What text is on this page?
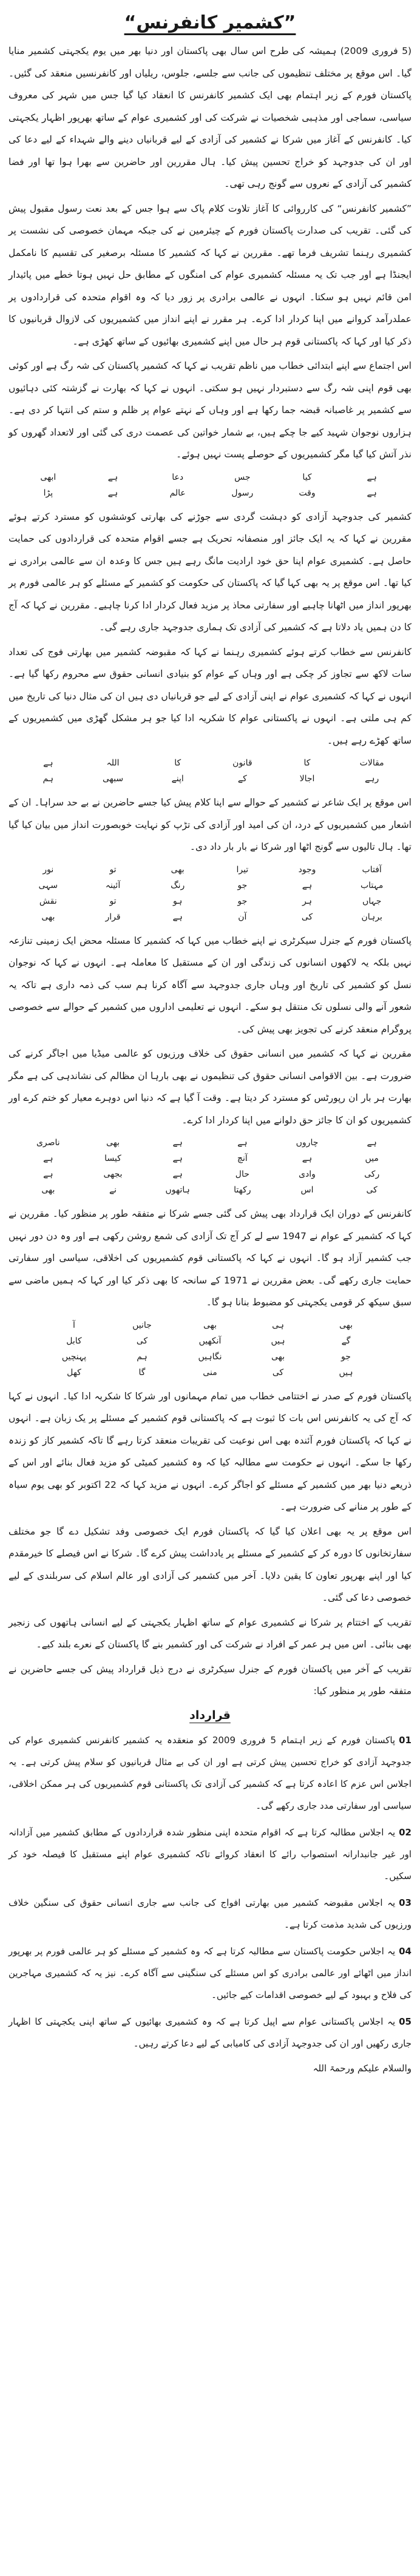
”کشمیر کانفرنس“

(5 فروری 2009) ہمیشہ کی طرح اس سال بھی پاکستان اور دنیا بھر میں یوم یکجہتی کشمیر منایا گیا۔ اس موقع پر مختلف تنظیموں کی جانب سے جلسے، جلوس، ریلیاں اور کانفرنسیں منعقد کی گئیں۔ پاکستان فورم کے زیر اہتمام بھی ایک کشمیر کانفرنس کا انعقاد کیا گیا جس میں شہر کی معروف سیاسی، سماجی اور مذہبی شخصیات نے شرکت کی اور کشمیری عوام کے ساتھ بھرپور اظہار یکجہتی کیا۔ کانفرنس کے آغاز میں شرکا نے کشمیر کی آزادی کے لیے قربانیاں دینے والے شہداء کے لیے دعا کی اور ان کی جدوجہد کو خراج تحسین پیش کیا۔ ہال مقررین اور حاضرین سے بھرا ہوا تھا اور فضا کشمیر کی آزادی کے نعروں سے گونج رہی تھی۔

”کشمیر کانفرنس“ کی کارروائی کا آغاز تلاوت کلام پاک سے ہوا جس کے بعد نعت رسول مقبول پیش کی گئی۔ تقریب کی صدارت پاکستان فورم کے چیئرمین نے کی جبکہ مہمان خصوصی کی نشست پر کشمیری رہنما تشریف فرما تھے۔ مقررین نے کہا کہ کشمیر کا مسئلہ برصغیر کی تقسیم کا نامکمل ایجنڈا ہے اور جب تک یہ مسئلہ کشمیری عوام کی امنگوں کے مطابق حل نہیں ہوتا خطے میں پائیدار امن قائم نہیں ہو سکتا۔ انہوں نے عالمی برادری پر زور دیا کہ وہ اقوام متحدہ کی قراردادوں پر عملدرآمد کروانے میں اپنا کردار ادا کرے۔ ہر مقرر نے اپنے انداز میں کشمیریوں کی لازوال قربانیوں کا ذکر کیا اور کہا کہ پاکستانی قوم ہر حال میں اپنے کشمیری بھائیوں کے ساتھ کھڑی ہے۔

اس اجتماع سے اپنے ابتدائی خطاب میں ناظم تقریب نے کہا کہ کشمیر پاکستان کی شہ رگ ہے اور کوئی بھی قوم اپنی شہ رگ سے دستبردار نہیں ہو سکتی۔ انہوں نے کہا کہ بھارت نے گزشتہ کئی دہائیوں سے کشمیر پر غاصبانہ قبضہ جما رکھا ہے اور وہاں کے نہتے عوام پر ظلم و ستم کی انتہا کر دی ہے۔ ہزاروں نوجوان شہید کیے جا چکے ہیں، بے شمار خواتین کی عصمت دری کی گئی اور لاتعداد گھروں کو نذر آتش کیا گیا مگر کشمیریوں کے حوصلے پست نہیں ہوئے۔

ہے
کیا
جس
دعا
ہے
ابھی
ہے
وقت
رسول
عالم
ہے
پڑا

کشمیر کی جدوجہد آزادی کو دہشت گردی سے جوڑنے کی بھارتی کوششوں کو مسترد کرتے ہوئے مقررین نے کہا کہ یہ ایک جائز اور منصفانہ تحریک ہے جسے اقوام متحدہ کی قراردادوں کی حمایت حاصل ہے۔ کشمیری عوام اپنا حق خود ارادیت مانگ رہے ہیں جس کا وعدہ ان سے عالمی برادری نے کیا تھا۔ اس موقع پر یہ بھی کہا گیا کہ پاکستان کی حکومت کو کشمیر کے مسئلے کو ہر عالمی فورم پر بھرپور انداز میں اٹھانا چاہیے اور سفارتی محاذ پر مزید فعال کردار ادا کرنا چاہیے۔ مقررین نے کہا کہ آج کا دن ہمیں یاد دلاتا ہے کہ کشمیر کی آزادی تک ہماری جدوجہد جاری رہے گی۔

کانفرنس سے خطاب کرتے ہوئے کشمیری رہنما نے کہا کہ مقبوضہ کشمیر میں بھارتی فوج کی تعداد سات لاکھ سے تجاوز کر چکی ہے اور وہاں کے عوام کو بنیادی انسانی حقوق سے محروم رکھا گیا ہے۔ انہوں نے کہا کہ کشمیری عوام نے اپنی آزادی کے لیے جو قربانیاں دی ہیں ان کی مثال دنیا کی تاریخ میں کم ہی ملتی ہے۔ انہوں نے پاکستانی عوام کا شکریہ ادا کیا جو ہر مشکل گھڑی میں کشمیریوں کے ساتھ کھڑے رہے ہیں۔

مقالات
کا
قانون
کا
اللہ
ہے
رہے
اجالا
کے
اپنے
سبھی
ہم

اس موقع پر ایک شاعر نے کشمیر کے حوالے سے اپنا کلام پیش کیا جسے حاضرین نے بے حد سراہا۔ ان کے اشعار میں کشمیریوں کے درد، ان کی امید اور آزادی کی تڑپ کو نہایت خوبصورت انداز میں بیان کیا گیا تھا۔ ہال تالیوں سے گونج اٹھا اور شرکا نے بار بار داد دی۔

آفتاب
وجود
تیرا
بھی
تو
نور
مہتاب
ہے
جو
رنگ
آئینہ
سہی
جہاں
ہر
جو
ہو
تو
نقش
برہان
کی
آن
ہے
قرار
بھی

پاکستان فورم کے جنرل سیکرٹری نے اپنے خطاب میں کہا کہ کشمیر کا مسئلہ محض ایک زمینی تنازعہ نہیں بلکہ یہ لاکھوں انسانوں کی زندگی اور ان کے مستقبل کا معاملہ ہے۔ انہوں نے کہا کہ نوجوان نسل کو کشمیر کی تاریخ اور وہاں جاری جدوجہد سے آگاہ کرنا ہم سب کی ذمہ داری ہے تاکہ یہ شعور آنے والی نسلوں تک منتقل ہو سکے۔ انہوں نے تعلیمی اداروں میں کشمیر کے حوالے سے خصوصی پروگرام منعقد کرنے کی تجویز بھی پیش کی۔

مقررین نے کہا کہ کشمیر میں انسانی حقوق کی خلاف ورزیوں کو عالمی میڈیا میں اجاگر کرنے کی ضرورت ہے۔ بین الاقوامی انسانی حقوق کی تنظیموں نے بھی بارہا ان مظالم کی نشاندہی کی ہے مگر بھارت ہر بار ان رپورٹس کو مسترد کر دیتا ہے۔ وقت آ گیا ہے کہ دنیا اس دوہرے معیار کو ختم کرے اور کشمیریوں کو ان کا جائز حق دلوانے میں اپنا کردار ادا کرے۔

ہے
چاروں
ہے
ہے
بھی
ناصری
میں
ہے
آنچ
ہے
کیسا
ہے
رکی
وادی
حال
ہے
بجھی
ہے
کی
اس
رکھتا
ہاتھوں
نے
بھی

کانفرنس کے دوران ایک قرارداد بھی پیش کی گئی جسے شرکا نے متفقہ طور پر منظور کیا۔ مقررین نے کہا کہ کشمیر کے عوام نے 1947 سے لے کر آج تک آزادی کی شمع روشن رکھی ہے اور وہ دن دور نہیں جب کشمیر آزاد ہو گا۔ انہوں نے کہا کہ پاکستانی قوم کشمیریوں کی اخلاقی، سیاسی اور سفارتی حمایت جاری رکھے گی۔ بعض مقررین نے 1971 کے سانحہ کا بھی ذکر کیا اور کہا کہ ہمیں ماضی سے سبق سیکھ کر قومی یکجہتی کو مضبوط بنانا ہو گا۔

بھی
ہی
بھی
جانیں
آ
گے
ہیں
آنکھیں
کی
کابل
جو
بھی
نگاہیں
ہم
پہنچیں
ہیں
کی
منی
گا
کھل

پاکستان فورم کے صدر نے اختتامی خطاب میں تمام مہمانوں اور شرکا کا شکریہ ادا کیا۔ انہوں نے کہا کہ آج کی یہ کانفرنس اس بات کا ثبوت ہے کہ پاکستانی قوم کشمیر کے مسئلے پر یک زبان ہے۔ انہوں نے کہا کہ پاکستان فورم آئندہ بھی اس نوعیت کی تقریبات منعقد کرتا رہے گا تاکہ کشمیر کاز کو زندہ رکھا جا سکے۔ انہوں نے حکومت سے مطالبہ کیا کہ وہ کشمیر کمیٹی کو مزید فعال بنائے اور اس کے ذریعے دنیا بھر میں کشمیر کے مسئلے کو اجاگر کرے۔ انہوں نے مزید کہا کہ 22 اکتوبر کو بھی یوم سیاہ کے طور پر منانے کی ضرورت ہے۔

اس موقع پر یہ بھی اعلان کیا گیا کہ پاکستان فورم ایک خصوصی وفد تشکیل دے گا جو مختلف سفارتخانوں کا دورہ کر کے کشمیر کے مسئلے پر یادداشت پیش کرے گا۔ شرکا نے اس فیصلے کا خیرمقدم کیا اور اپنے بھرپور تعاون کا یقین دلایا۔ آخر میں کشمیر کی آزادی اور عالم اسلام کی سربلندی کے لیے خصوصی دعا کی گئی۔

تقریب کے اختتام پر شرکا نے کشمیری عوام کے ساتھ اظہار یکجہتی کے لیے انسانی ہاتھوں کی زنجیر بھی بنائی۔ اس میں ہر عمر کے افراد نے شرکت کی اور کشمیر بنے گا پاکستان کے نعرے بلند کیے۔

تقریب کے آخر میں پاکستان فورم کے جنرل سیکرٹری نے درج ذیل قرارداد پیش کی جسے حاضرین نے متفقہ طور پر منظور کیا:

قرارداد

01پاکستان فورم کے زیر اہتمام 5 فروری 2009 کو منعقدہ یہ کشمیر کانفرنس کشمیری عوام کی جدوجہد آزادی کو خراج تحسین پیش کرتی ہے اور ان کی بے مثال قربانیوں کو سلام پیش کرتی ہے۔ یہ اجلاس اس عزم کا اعادہ کرتا ہے کہ کشمیر کی آزادی تک پاکستانی قوم کشمیریوں کی ہر ممکن اخلاقی، سیاسی اور سفارتی مدد جاری رکھے گی۔

02یہ اجلاس مطالبہ کرتا ہے کہ اقوام متحدہ اپنی منظور شدہ قراردادوں کے مطابق کشمیر میں آزادانہ اور غیر جانبدارانہ استصواب رائے کا انعقاد کروائے تاکہ کشمیری عوام اپنے مستقبل کا فیصلہ خود کر سکیں۔

03یہ اجلاس مقبوضہ کشمیر میں بھارتی افواج کی جانب سے جاری انسانی حقوق کی سنگین خلاف ورزیوں کی شدید مذمت کرتا ہے۔

04یہ اجلاس حکومت پاکستان سے مطالبہ کرتا ہے کہ وہ کشمیر کے مسئلے کو ہر عالمی فورم پر بھرپور انداز میں اٹھائے اور عالمی برادری کو اس مسئلے کی سنگینی سے آگاہ کرے۔ نیز یہ کہ کشمیری مہاجرین کی فلاح و بہبود کے لیے خصوصی اقدامات کیے جائیں۔

05یہ اجلاس پاکستانی عوام سے اپیل کرتا ہے کہ وہ کشمیری بھائیوں کے ساتھ اپنی یکجہتی کا اظہار جاری رکھیں اور ان کی جدوجہد آزادی کی کامیابی کے لیے دعا کرتے رہیں۔

والسلام علیکم ورحمۃ اللہ
